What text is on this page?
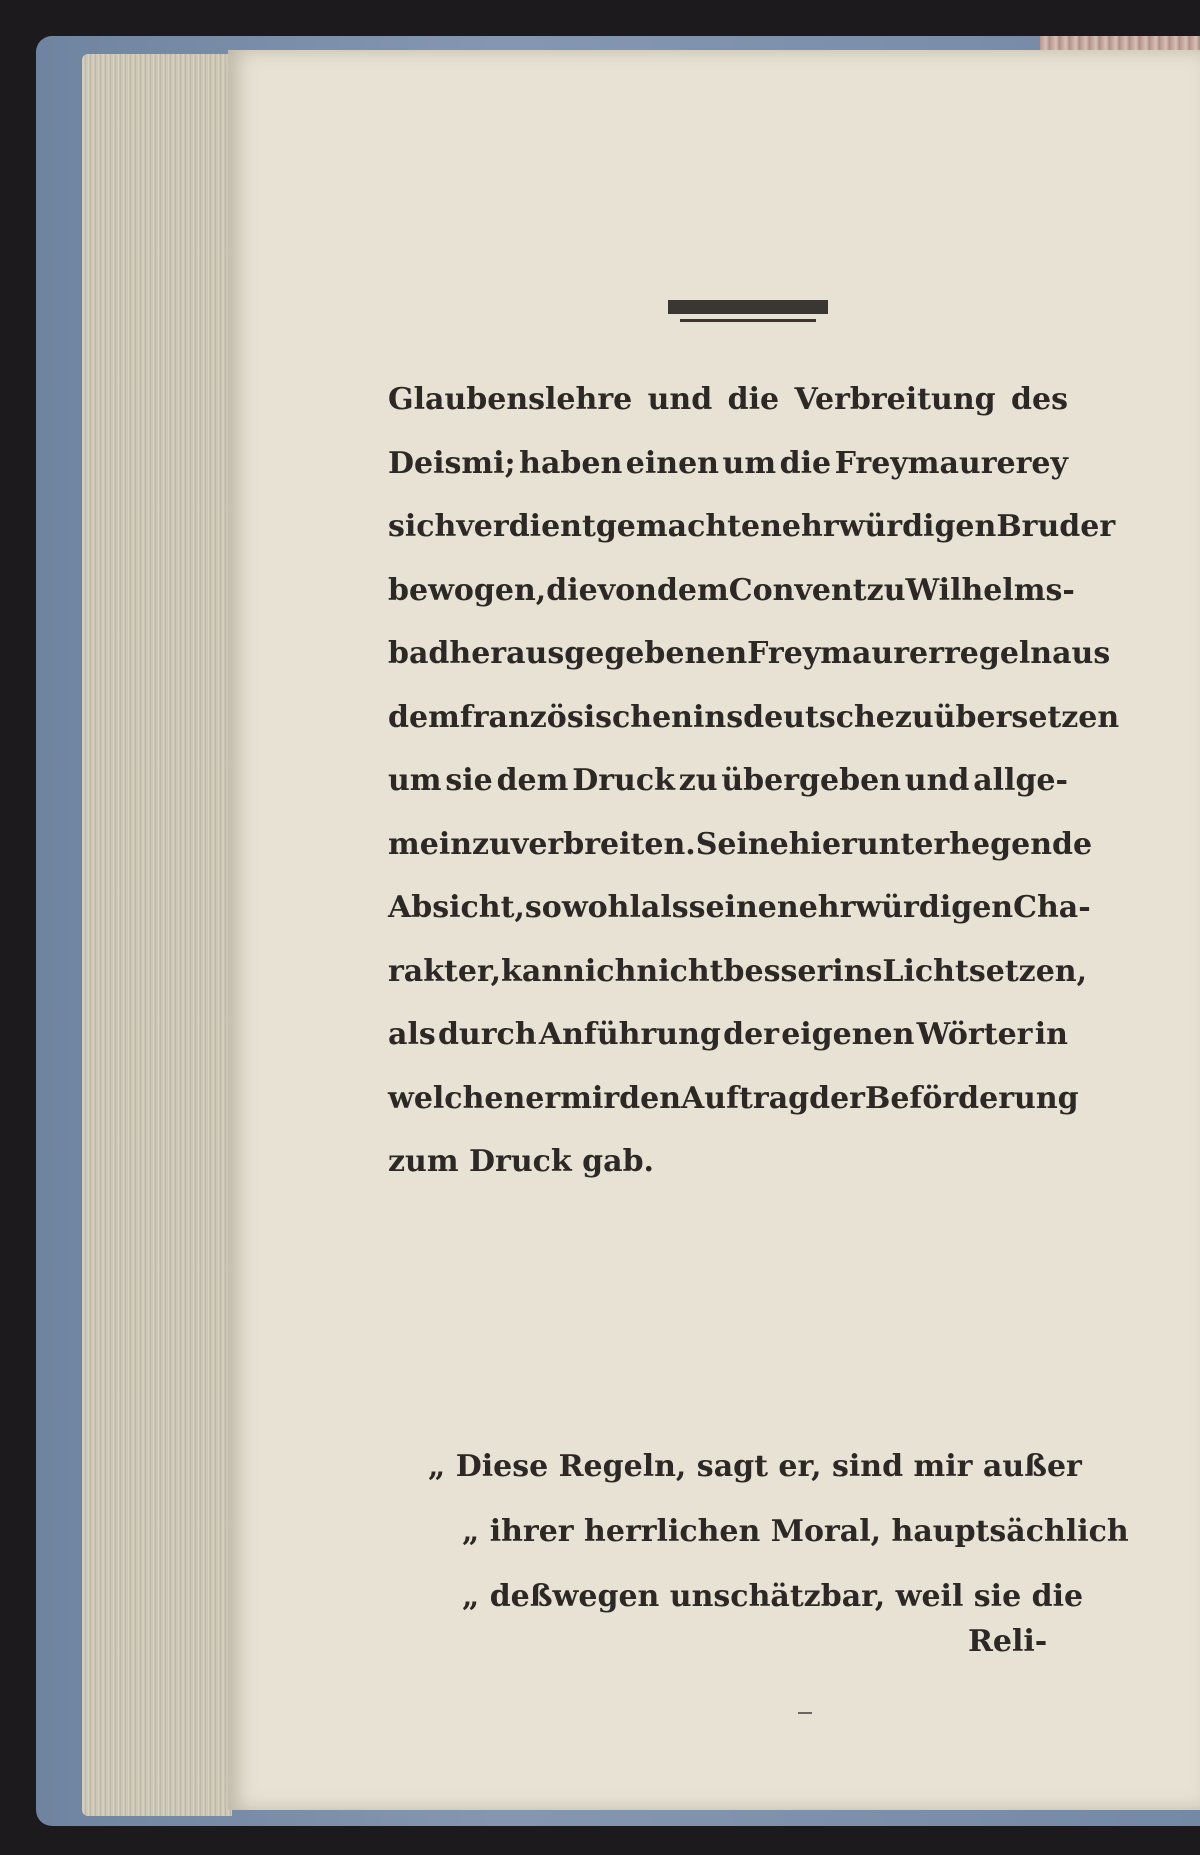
Glaubenslehre und die Verbreitung des
Deismi; haben einen um die Freymaurerey
sich verdient gemachten ehrwürdigen Bruder
bewogen, die von dem Convent zu Wilhelms-
bad herausgegebenen Freymaurerregeln aus
dem französischen ins deutsche zu übersetzen
um sie dem Druck zu übergeben und allge-
mein zu verbreiten. Seine hierunter hegende
Absicht, sowohl als seinen ehrwürdigen Cha-
rakter, kann ich nicht besser ins Licht setzen,
als durch Anführung der eigenen Wörter in
welchen er mir den Auftrag der Beförderung
zum Druck gab.
„ Diese Regeln, sagt er, sind mir außer
„ ihrer herrlichen Moral, hauptsächlich
„ deßwegen unschätzbar, weil sie die
Reli-
